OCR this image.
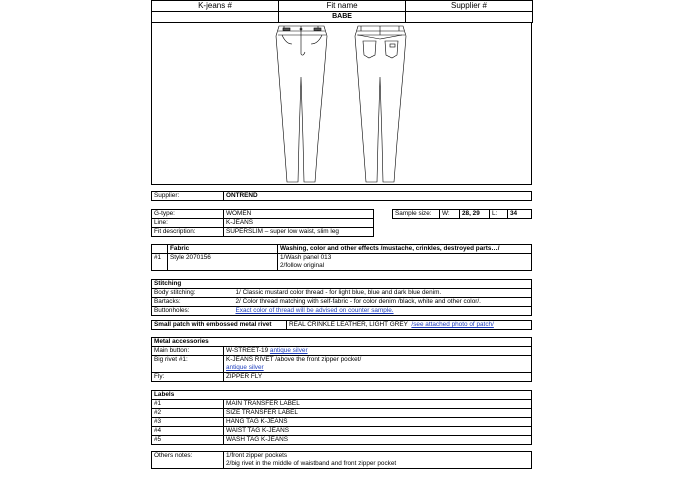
K-jeans #	Fit name	Supplier #
	BABE	
Supplier:	ONTREND
G-type:	WOMEN
Line:	K-JEANS
Fit description:	SUPERSLIM – super low waist, slim leg
Sample size:	W:	28, 29	L:	34
	Fabric	Washing, color and other effects /mustache, crinkles, destroyed parts…/
#1	Style 2070156	1/Wash panel 013
		2/follow original
Stitching	
Body stitching:	1/ Classic mustard color thread - for light blue, blue and dark blue denim.
Bartacks:	2/ Color thread matching with self-fabric - for color denim /black, white and other color/.
Buttonholes:	Exact color of thread will be advised on counter sample.
Small patch with embossed metal rivet	REAL CRINKLE LEATHER, LIGHT GREY /see attached photo of patch/
Metal accessories	
Main button:	W-STREET-19 antique silver
Big rivet #1:	K-JEANS RIVET /above the front zipper pocket/
	antique silver
Fly:	ZIPPER FLY
Labels	
#1	MAIN TRANSFER LABEL
#2	SIZE TRANSFER LABEL
#3	HANG TAG K-JEANS
#4	WAIST TAG K-JEANS
#5	WASH TAG K-JEANS
Others notes:	1/front zipper pockets
2/big rivet in the middle of waistband and front zipper pocket
